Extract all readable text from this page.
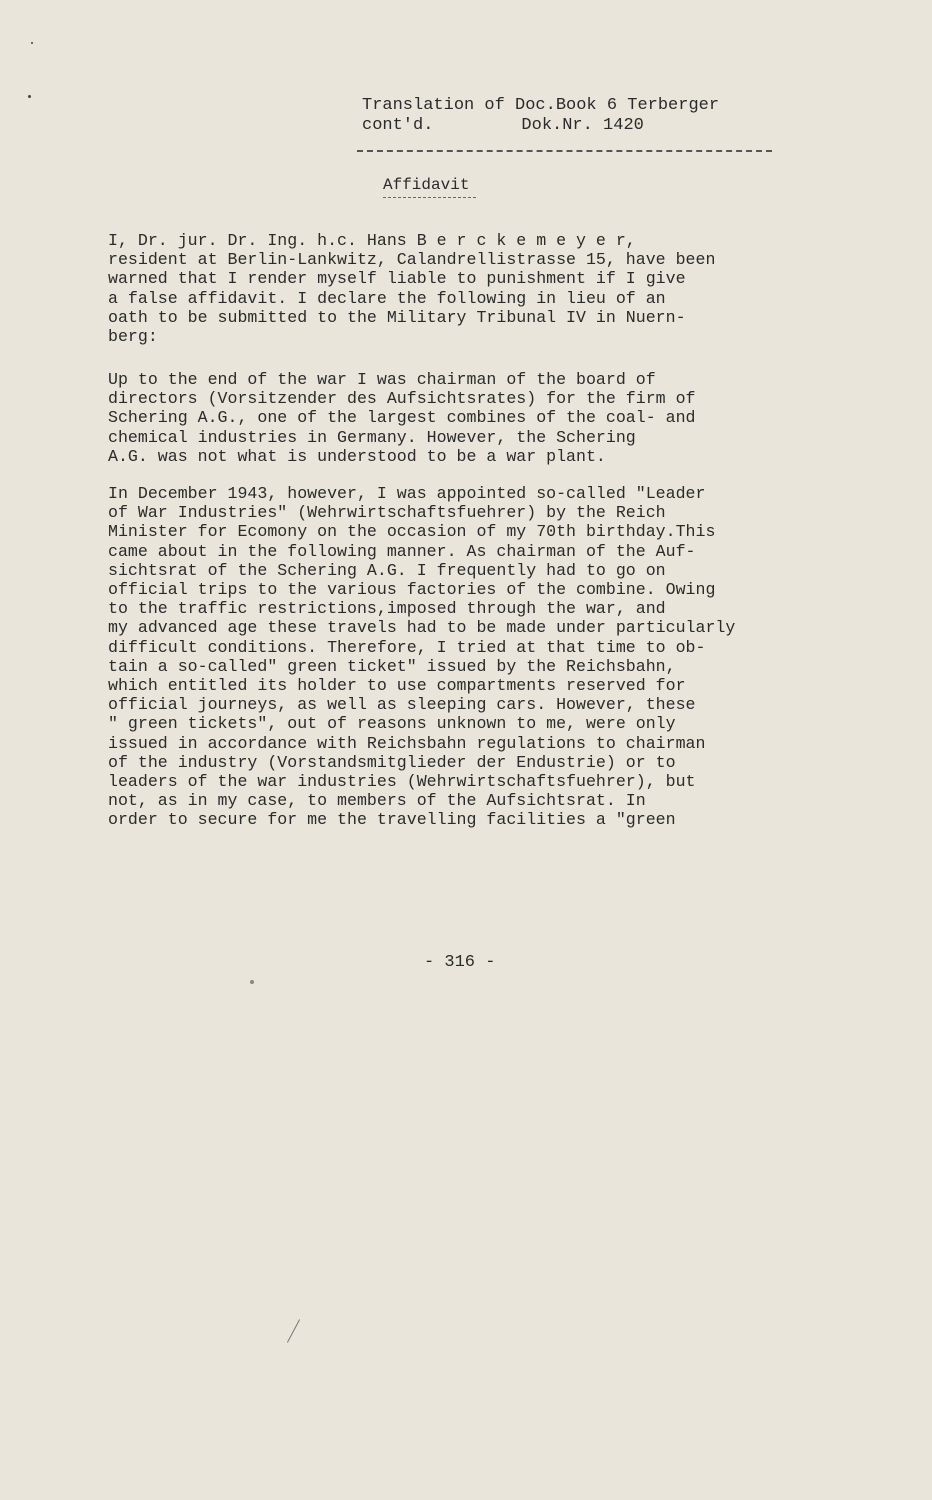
Translation of Doc.Book 6 Terberger
cont'd.	Dok.Nr. 1420
Affidavit
I, Dr. jur. Dr. Ing. h.c. Hans B e r c k e m e y e r,
resident at Berlin-Lankwitz, Calandrellistrasse 15, have been
warned that I render myself liable to punishment if I give
a false affidavit. I declare the following in lieu of an
oath to be submitted to the Military Tribunal IV in Nuern-
berg:
Up to the end of the war I was chairman of the board of
directors (Vorsitzender des Aufsichtsrates) for the firm of
Schering A.G., one of the largest combines of the coal- and
chemical industries in Germany. However, the Schering
A.G. was not what is understood to be a war plant.
In December 1943, however, I was appointed so-called "Leader
of War Industries" (Wehrwirtschaftsfuehrer) by the Reich
Minister for Ecomony on the occasion of my 70th birthday.This
came about in the following manner. As chairman of the Auf-
sichtsrat of the Schering A.G. I frequently had to go on
official trips to the various factories of the combine. Owing
to the traffic restrictions,imposed through the war, and
my advanced age these travels had to be made under particularly
difficult conditions. Therefore, I tried at that time to ob-
tain a so-called" green ticket" issued by the Reichsbahn,
which entitled its holder to use compartments reserved for
official journeys, as well as sleeping cars. However, these
" green tickets", out of reasons unknown to me, were only
issued in accordance with Reichsbahn regulations to chairman
of the industry (Vorstandsmitglieder der Endustrie) or to
leaders of the war industries (Wehrwirtschaftsfuehrer), but
not, as in my case, to members of the Aufsichtsrat. In
order to secure for me the travelling facilities a "green
- 316 -
